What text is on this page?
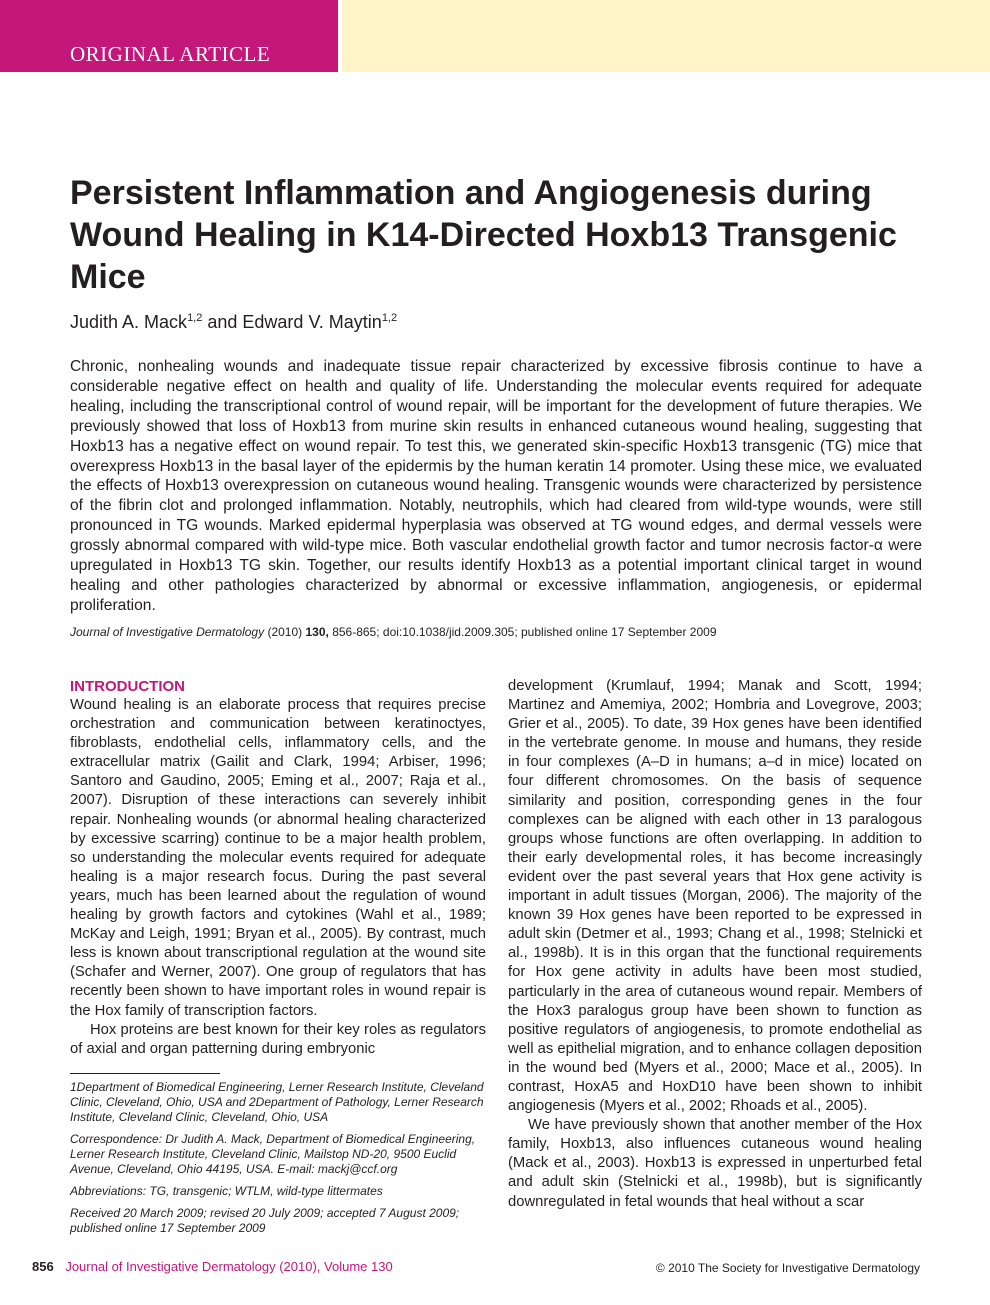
ORIGINAL ARTICLE
Persistent Inflammation and Angiogenesis during Wound Healing in K14-Directed Hoxb13 Transgenic Mice
Judith A. Mack$^{1,2}$ and Edward V. Maytin$^{1,2}$

Chronic, nonhealing wounds and inadequate tissue repair characterized by excessive fibrosis continue to have a considerable negative effect on health and quality of life. Understanding the molecular events required for adequate healing, including the transcriptional control of wound repair, will be important for the development of future therapies. We previously showed that loss of Hoxb13 from murine skin results in enhanced cutaneous wound healing, suggesting that Hoxb13 has a negative effect on wound repair. To test this, we generated skin-specific Hoxb13 transgenic (TG) mice that overexpress Hoxb13 in the basal layer of the epidermis by the human keratin 14 promoter. Using these mice, we evaluated the effects of Hoxb13 overexpression on cutaneous wound healing. Transgenic wounds were characterized by persistence of the fibrin clot and prolonged inflammation. Notably, neutrophils, which had cleared from wild-type wounds, were still pronounced in TG wounds. Marked epidermal hyperplasia was observed at TG wound edges, and dermal vessels were grossly abnormal compared with wild-type mice. Both vascular endothelial growth factor and tumor necrosis factor-α were upregulated in Hoxb13 TG skin. Together, our results identify Hoxb13 as a potential important clinical target in wound healing and other pathologies characterized by abnormal or excessive inflammation, angiogenesis, or epidermal proliferation.

Journal of Investigative Dermatology (2010) 130, 856-865; doi:10.1038/jid.2009.305; published online 17 September 2009
INTRODUCTION

Wound healing is an elaborate process that requires precise orchestration and communication between keratinoctyes, fibroblasts, endothelial cells, inflammatory cells, and the extracellular matrix (Gailit and Clark, 1994; Arbiser, 1996; Santoro and Gaudino, 2005; Eming et al., 2007; Raja et al., 2007). Disruption of these interactions can severely inhibit repair. Nonhealing wounds (or abnormal healing characterized by excessive scarring) continue to be a major health problem, so understanding the molecular events required for adequate healing is a major research focus. During the past several years, much has been learned about the regulation of wound healing by growth factors and cytokines (Wahl et al., 1989; McKay and Leigh, 1991; Bryan et al., 2005). By contrast, much less is known about transcriptional regulation at the wound site (Schafer and Werner, 2007). One group of regulators that has recently been shown to have important roles in wound repair is the Hox family of transcription factors.

Hox proteins are best known for their key roles as regulators of axial and organ patterning during embryonic

development (Krumlauf, 1994; Manak and Scott, 1994; Martinez and Amemiya, 2002; Hombria and Lovegrove, 2003; Grier et al., 2005). To date, 39 Hox genes have been identified in the vertebrate genome. In mouse and humans, they reside in four complexes (A–D in humans; a–d in mice) located on four different chromosomes. On the basis of sequence similarity and position, corresponding genes in the four complexes can be aligned with each other in 13 paralogous groups whose functions are often overlapping. In addition to their early developmental roles, it has become increasingly evident over the past several years that Hox gene activity is important in adult tissues (Morgan, 2006). The majority of the known 39 Hox genes have been reported to be expressed in adult skin (Detmer et al., 1993; Chang et al., 1998; Stelnicki et al., 1998b). It is in this organ that the functional requirements for Hox gene activity in adults have been most studied, particularly in the area of cutaneous wound repair. Members of the Hox3 paralogus group have been shown to function as positive regulators of angiogenesis, to promote endothelial as well as epithelial migration, and to enhance collagen deposition in the wound bed (Myers et al., 2000; Mace et al., 2005). In contrast, HoxA5 and HoxD10 have been shown to inhibit angiogenesis (Myers et al., 2002; Rhoads et al., 2005).

We have previously shown that another member of the Hox family, Hoxb13, also influences cutaneous wound healing (Mack et al., 2003). Hoxb13 is expressed in unperturbed fetal and adult skin (Stelnicki et al., 1998b), but is significantly downregulated in fetal wounds that heal without a scar

1Department of Biomedical Engineering, Lerner Research Institute, Cleveland Clinic, Cleveland, Ohio, USA and 2Department of Pathology, Lerner Research Institute, Cleveland Clinic, Cleveland, Ohio, USA

Correspondence: Dr Judith A. Mack, Department of Biomedical Engineering, Lerner Research Institute, Cleveland Clinic, Mailstop ND-20, 9500 Euclid Avenue, Cleveland, Ohio 44195, USA. E-mail: mackj@ccf.org

Abbreviations: TG, transgenic; WTLM, wild-type littermates

Received 20 March 2009; revised 20 July 2009; accepted 7 August 2009; published online 17 September 2009

856 Journal of Investigative Dermatology (2010), Volume 130	© 2010 The Society for Investigative Dermatology
